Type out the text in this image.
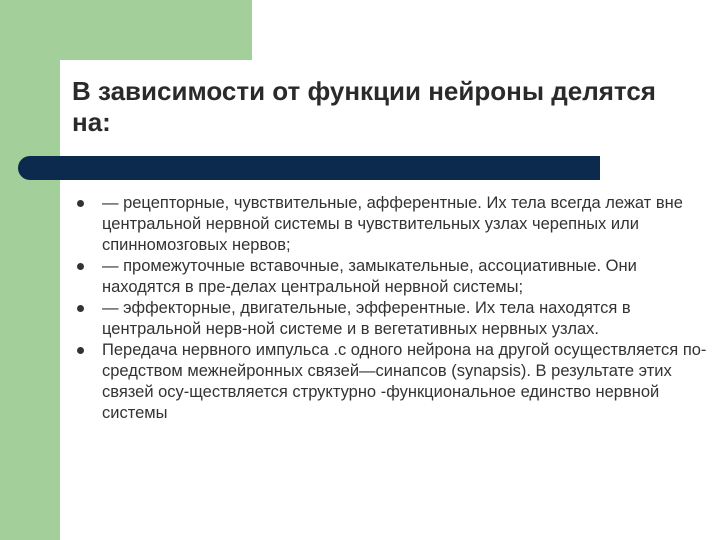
В зависимости от функции нейроны делятся на:
— рецепторные, чувствительные, афферентные. Их тела всегда лежат вне центральной нервной системы в чувствительных узлах черепных или спинномозговых нервов;
— промежуточные вставочные, замыкательные, ассоциативные. Они находятся в пре-делах центральной нервной системы;
— эффекторные, двигательные, эфферентные. Их тела находятся в центральной нерв-ной системе и в вегетативных нервных узлах.
Передача нервного импульса .с одного нейрона на другой осуществляется по-средством межнейронных связей—синапсов (synapsis). В результате этих связей осу-ществляется структурно -функциональное единство нервной системы
